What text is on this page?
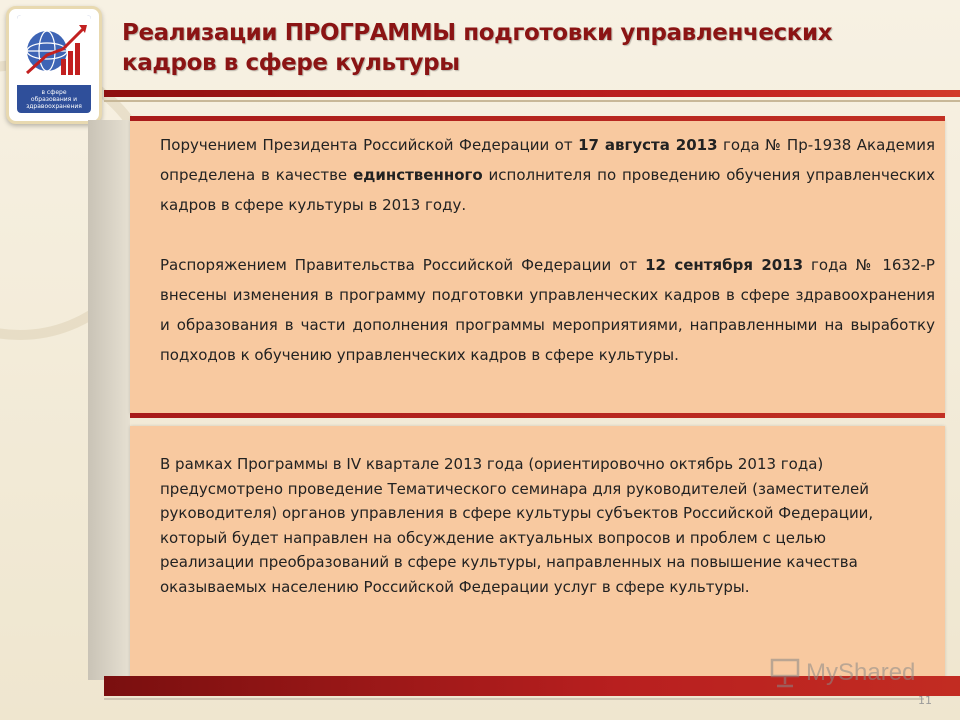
в сфере
образования и
здравоохранения
Реализации ПРОГРАММЫ подготовки управленческих
кадров в сфере культуры

Поручением Президента Российской Федерации от 17 августа 2013 года № Пр-1938 Академия определена в качестве единственного исполнителя по проведению обучения управленческих кадров в сфере культуры в 2013 году.

Распоряжением Правительства Российской Федерации от 12 сентября 2013 года № 1632-Р внесены изменения в программу подготовки управленческих кадров в сфере здравоохранения и образования в части дополнения программы мероприятиями, направленными на выработку подходов к обучению управленческих кадров в сфере культуры.

В рамках Программы в IV квартале 2013 года (ориентировочно октябрь 2013 года) предусмотрено проведение Тематического семинара для руководителей (заместителей руководителя) органов управления в сфере культуры субъектов Российской Федерации, который будет направлен на обсуждение актуальных вопросов и проблем с целью реализации преобразований в сфере культуры, направленных на повышение качества оказываемых населению Российской Федерации услуг в сфере культуры.

MyShared
11
